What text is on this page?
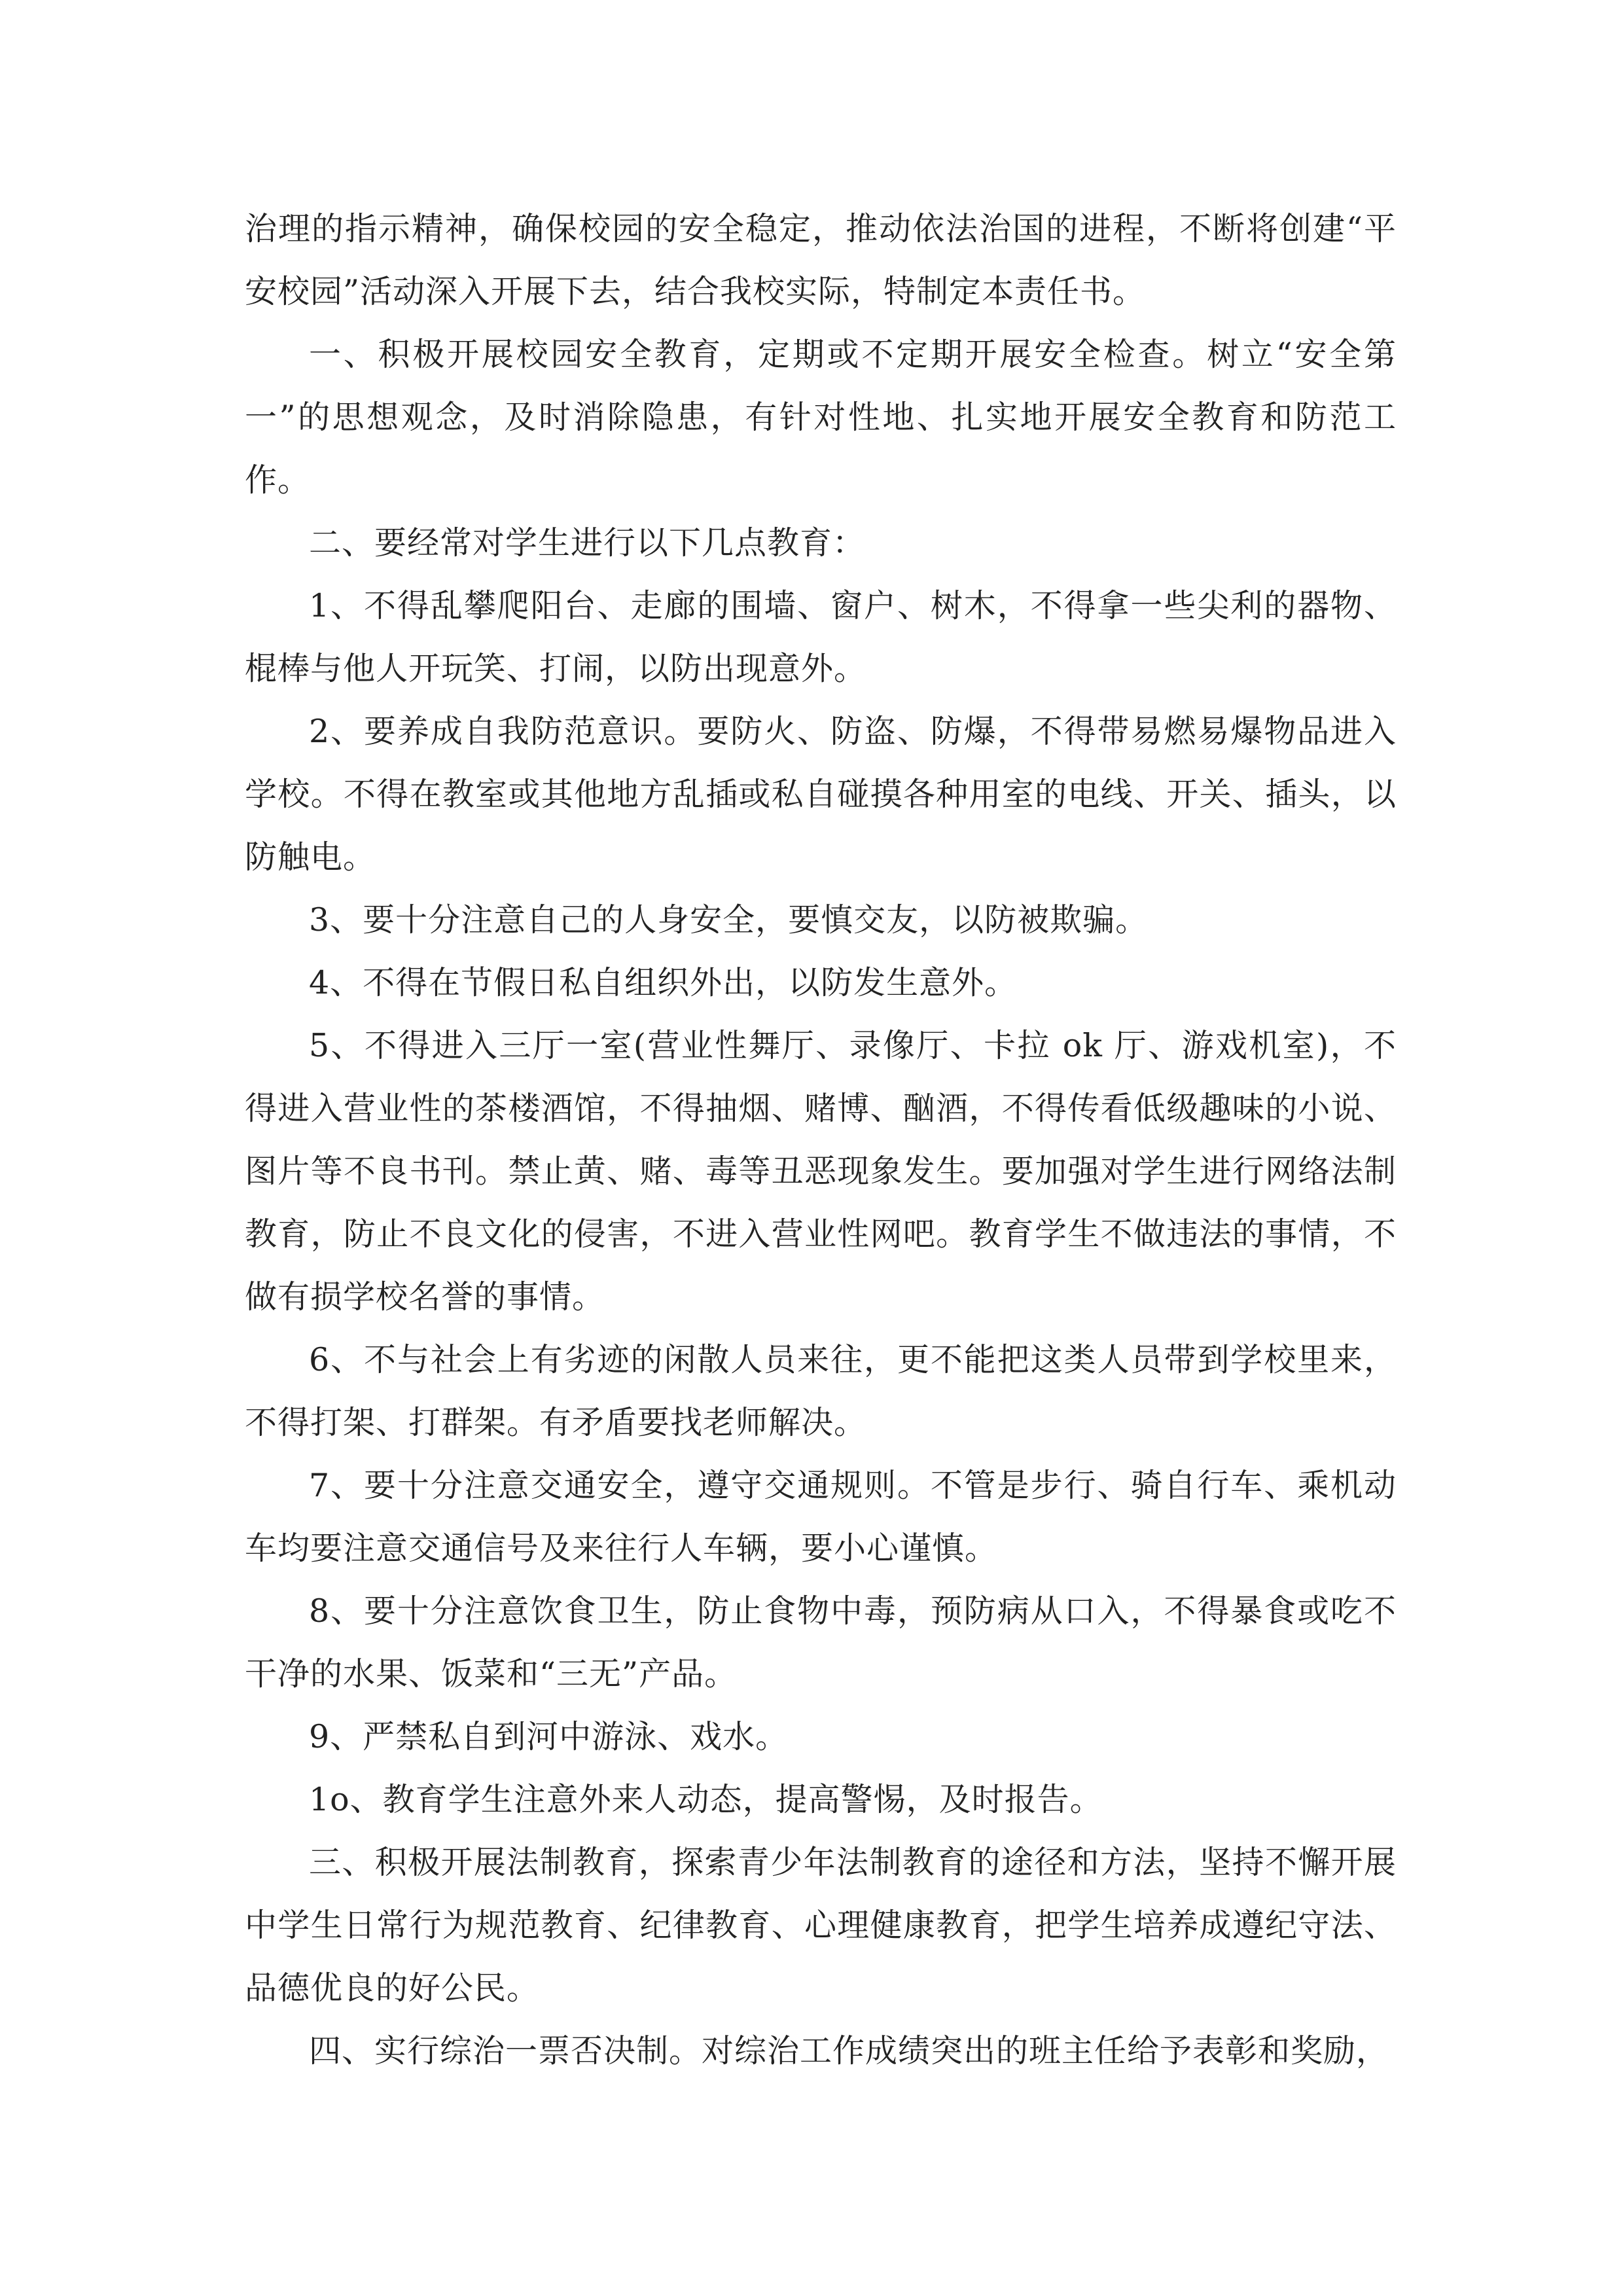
治理的指示精神，确保校园的安全稳定，推动依法治国的进程，不断将创建“平安校园”活动深入开展下去，结合我校实际，特制定本责任书。

一、积极开展校园安全教育，定期或不定期开展安全检查。树立“安全第一”的思想观念，及时消除隐患，有针对性地、扎实地开展安全教育和防范工作。

二、要经常对学生进行以下几点教育：

1、不得乱攀爬阳台、走廊的围墙、窗户、树木，不得拿一些尖利的器物、棍棒与他人开玩笑、打闹，以防出现意外。

2、要养成自我防范意识。要防火、防盗、防爆，不得带易燃易爆物品进入学校。不得在教室或其他地方乱插或私自碰摸各种用室的电线、开关、插头，以防触电。

3、要十分注意自己的人身安全，要慎交友，以防被欺骗。

4、不得在节假日私自组织外出，以防发生意外。

5、不得进入三厅一室(营业性舞厅、录像厅、卡拉 ok 厅、游戏机室)，不得进入营业性的茶楼酒馆，不得抽烟、赌博、酗酒，不得传看低级趣味的小说、图片等不良书刊。禁止黄、赌、毒等丑恶现象发生。要加强对学生进行网络法制教育，防止不良文化的侵害，不进入营业性网吧。教育学生不做违法的事情，不做有损学校名誉的事情。

6、不与社会上有劣迹的闲散人员来往，更不能把这类人员带到学校里来，不得打架、打群架。有矛盾要找老师解决。

7、要十分注意交通安全，遵守交通规则。不管是步行、骑自行车、乘机动车均要注意交通信号及来往行人车辆，要小心谨慎。

8、要十分注意饮食卫生，防止食物中毒，预防病从口入，不得暴食或吃不干净的水果、饭菜和“三无”产品。

9、严禁私自到河中游泳、戏水。

1o、教育学生注意外来人动态，提高警惕，及时报告。

三、积极开展法制教育，探索青少年法制教育的途径和方法，坚持不懈开展中学生日常行为规范教育、纪律教育、心理健康教育，把学生培养成遵纪守法、品德优良的好公民。

四、实行综治一票否决制。对综治工作成绩突出的班主任给予表彰和奖励，
